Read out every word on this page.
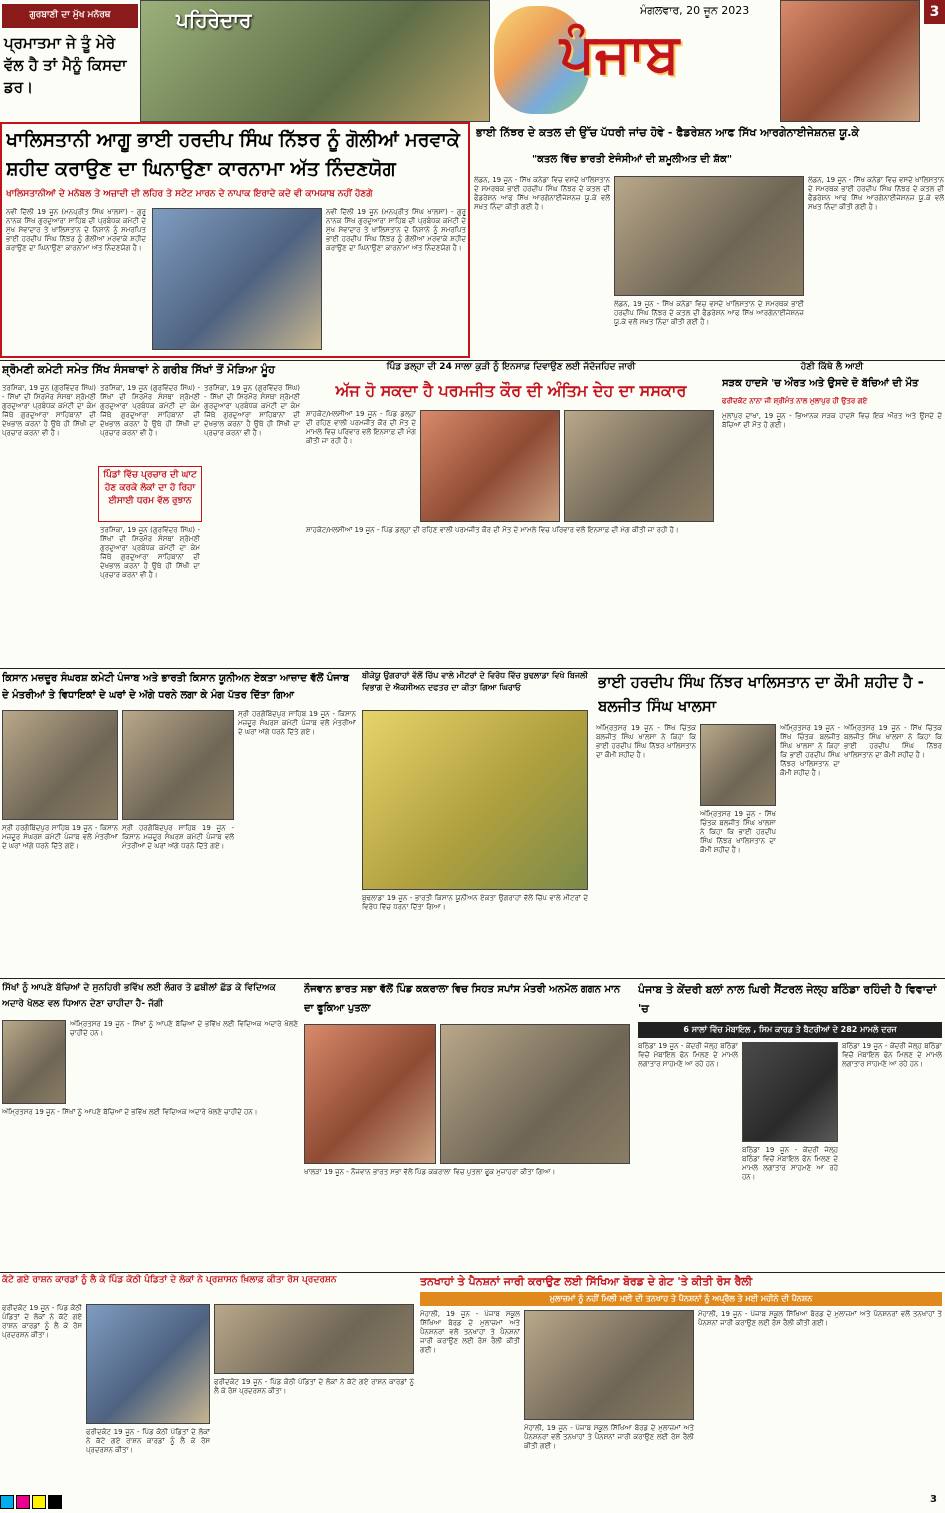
ਗੁਰਬਾਣੀ ਦਾ ਮੁੱਖ ਮਨੋਰਥ
ਪ੍ਰਮਾਤਮਾ ਜੇ ਤੂੰ ਮੇਰੇ ਵੱਲ ਹੈ ਤਾਂ ਮੈਨੂੰ ਕਿਸਦਾ ਡਰ।
ਪਹਿਰੇਦਾਰ
ਪੰਜਾਬ
ਮੰਗਲਵਾਰ, 20 ਜੂਨ 2023	3
ਖਾਲਿਸਤਾਨੀ ਆਗੂ ਭਾਈ ਹਰਦੀਪ ਸਿੰਘ ਨਿੱਝਰ ਨੂੰ ਗੋਲੀਆਂ ਮਰਵਾਕੇ ਸ਼ਹੀਦ ਕਰਾਉਣ ਦਾ ਘਿਨਾਉਣਾ ਕਾਰਨਾਮਾ ਅੱਤ ਨਿੰਦਣਯੋਗ
ਖਾਲਿਸਤਾਨੀਆਂ ਦੇ ਮਨੋਬਲ ਤੇ ਅਜ਼ਾਦੀ ਦੀ ਲਹਿਰ ਤੇ ਸਟੇਟ ਮਾਰਨ ਦੇ ਨਾਪਾਕ ਇਰਾਦੇ ਕਦੇ ਵੀ ਕਾਮਯਾਬ ਨਹੀਂ ਹੋਣਗੇ
ਨਵੀਂ ਦਿੱਲੀ 19 ਜੂਨ (ਮਨਪ੍ਰੀਤ ਸਿੰਘ ਖਾਲਸਾ) - ਗੁਰੂ ਨਾਨਕ ਸਿੱਖ ਗੁਰਦੁਆਰਾ ਸਾਹਿਬ ਦੀ ਪ੍ਰਬੰਧਕ ਕਮੇਟੀ ਦੇ ਮੁੱਖ ਸੇਵਾਦਾਰ ਤੇ ਖਾਲਿਸਤਾਨ ਦੇ ਨਿਸ਼ਾਨੇ ਨੂੰ ਸਮਰਪਿਤ ਭਾਈ ਹਰਦੀਪ ਸਿੰਘ ਨਿੱਝਰ ਨੂੰ ਗੋਲੀਆਂ ਮਰਵਾਕੇ ਸ਼ਹੀਦ ਕਰਾਉਣ ਦਾ ਘਿਨਾਉਣਾ ਕਾਰਨਾਮਾ ਅੱਤ ਨਿੰਦਣਯੋਗ ਹੈ।
ਨਵੀਂ ਦਿੱਲੀ 19 ਜੂਨ (ਮਨਪ੍ਰੀਤ ਸਿੰਘ ਖਾਲਸਾ) - ਗੁਰੂ ਨਾਨਕ ਸਿੱਖ ਗੁਰਦੁਆਰਾ ਸਾਹਿਬ ਦੀ ਪ੍ਰਬੰਧਕ ਕਮੇਟੀ ਦੇ ਮੁੱਖ ਸੇਵਾਦਾਰ ਤੇ ਖਾਲਿਸਤਾਨ ਦੇ ਨਿਸ਼ਾਨੇ ਨੂੰ ਸਮਰਪਿਤ ਭਾਈ ਹਰਦੀਪ ਸਿੰਘ ਨਿੱਝਰ ਨੂੰ ਗੋਲੀਆਂ ਮਰਵਾਕੇ ਸ਼ਹੀਦ ਕਰਾਉਣ ਦਾ ਘਿਨਾਉਣਾ ਕਾਰਨਾਮਾ ਅੱਤ ਨਿੰਦਣਯੋਗ ਹੈ।
ਭਾਈ ਨਿੱਝਰ ਦੇ ਕਤਲ ਦੀ ਉੱਚ ਪੱਧਰੀ ਜਾਂਚ ਹੋਵੇ - ਫੈਡਰੇਸ਼ਨ ਆਫ ਸਿੱਖ ਆਰਗੇਨਾਈਜੇਸ਼ਨਜ਼ ਯੂ.ਕੇ
"ਕਤਲ ਵਿੱਚ ਭਾਰਤੀ ਏਜੰਸੀਆਂ ਦੀ ਸ਼ਮੂਲੀਅਤ ਦੀ ਸ਼ੱਕ"
ਲੰਡਨ, 19 ਜੂਨ - ਸਿੱਖ ਕਨੇਡਾ ਵਿਚ ਵਸਦੇ ਖਾਲਿਸਤਾਨ ਦੇ ਸਮਰਥਕ ਭਾਈ ਹਰਦੀਪ ਸਿੰਘ ਨਿੱਝਰ ਦੇ ਕਤਲ ਦੀ ਫੈਡਰੇਸ਼ਨ ਆਫ ਸਿੱਖ ਆਰਗੇਨਾਈਜੇਸ਼ਨਜ਼ ਯੂ.ਕੇ ਵਲੋਂ ਸਖ਼ਤ ਨਿੰਦਾ ਕੀਤੀ ਗਈ ਹੈ।
ਲੰਡਨ, 19 ਜੂਨ - ਸਿੱਖ ਕਨੇਡਾ ਵਿਚ ਵਸਦੇ ਖਾਲਿਸਤਾਨ ਦੇ ਸਮਰਥਕ ਭਾਈ ਹਰਦੀਪ ਸਿੰਘ ਨਿੱਝਰ ਦੇ ਕਤਲ ਦੀ ਫੈਡਰੇਸ਼ਨ ਆਫ ਸਿੱਖ ਆਰਗੇਨਾਈਜੇਸ਼ਨਜ਼ ਯੂ.ਕੇ ਵਲੋਂ ਸਖ਼ਤ ਨਿੰਦਾ ਕੀਤੀ ਗਈ ਹੈ।
ਲੰਡਨ, 19 ਜੂਨ - ਸਿੱਖ ਕਨੇਡਾ ਵਿਚ ਵਸਦੇ ਖਾਲਿਸਤਾਨ ਦੇ ਸਮਰਥਕ ਭਾਈ ਹਰਦੀਪ ਸਿੰਘ ਨਿੱਝਰ ਦੇ ਕਤਲ ਦੀ ਫੈਡਰੇਸ਼ਨ ਆਫ ਸਿੱਖ ਆਰਗੇਨਾਈਜੇਸ਼ਨਜ਼ ਯੂ.ਕੇ ਵਲੋਂ ਸਖ਼ਤ ਨਿੰਦਾ ਕੀਤੀ ਗਈ ਹੈ।
ਸ਼੍ਰੋਮਣੀ ਕਮੇਟੀ ਸਮੇਤ ਸਿੱਖ ਸੰਸਥਾਵਾਂ ਨੇ ਗਰੀਬ ਸਿੱਖਾਂ ਤੋਂ ਮੋੜਿਆ ਮੂੰਹ
ਤਰਸਿਕਾ, 19 ਜੂਨ (ਗੁਰਵਿੰਦਰ ਸਿੰਘ) - ਸਿੱਖਾਂ ਦੀ ਸਿਰਮੌਰ ਸੰਸਥਾ ਸ਼੍ਰੋਮਣੀ ਗੁਰਦੁਆਰਾ ਪ੍ਰਬੰਧਕ ਕਮੇਟੀ ਦਾ ਕੰਮ ਜਿੱਥੇ ਗੁਰਦੁਆਰਾ ਸਾਹਿਬਾਨਾਂ ਦੀ ਦੇਖਭਾਲ ਕਰਨਾ ਹੈ ਉਥੇ ਹੀ ਸਿੱਖੀ ਦਾ ਪ੍ਰਚਾਰ ਕਰਨਾ ਵੀ ਹੈ।
ਤਰਸਿਕਾ, 19 ਜੂਨ (ਗੁਰਵਿੰਦਰ ਸਿੰਘ) - ਸਿੱਖਾਂ ਦੀ ਸਿਰਮੌਰ ਸੰਸਥਾ ਸ਼੍ਰੋਮਣੀ ਗੁਰਦੁਆਰਾ ਪ੍ਰਬੰਧਕ ਕਮੇਟੀ ਦਾ ਕੰਮ ਜਿੱਥੇ ਗੁਰਦੁਆਰਾ ਸਾਹਿਬਾਨਾਂ ਦੀ ਦੇਖਭਾਲ ਕਰਨਾ ਹੈ ਉਥੇ ਹੀ ਸਿੱਖੀ ਦਾ ਪ੍ਰਚਾਰ ਕਰਨਾ ਵੀ ਹੈ।
ਪਿੰਡਾਂ ਵਿੱਚ ਪ੍ਰਚਾਰ ਦੀ ਘਾਟ ਹੋਣ ਕਰਕੇ ਲੋਕਾਂ ਦਾ ਹੋ ਰਿਹਾ ਈਸਾਈ ਧਰਮ ਵੱਲ ਰੁਝਾਨ
ਤਰਸਿਕਾ, 19 ਜੂਨ (ਗੁਰਵਿੰਦਰ ਸਿੰਘ) - ਸਿੱਖਾਂ ਦੀ ਸਿਰਮੌਰ ਸੰਸਥਾ ਸ਼੍ਰੋਮਣੀ ਗੁਰਦੁਆਰਾ ਪ੍ਰਬੰਧਕ ਕਮੇਟੀ ਦਾ ਕੰਮ ਜਿੱਥੇ ਗੁਰਦੁਆਰਾ ਸਾਹਿਬਾਨਾਂ ਦੀ ਦੇਖਭਾਲ ਕਰਨਾ ਹੈ ਉਥੇ ਹੀ ਸਿੱਖੀ ਦਾ ਪ੍ਰਚਾਰ ਕਰਨਾ ਵੀ ਹੈ।
ਤਰਸਿਕਾ, 19 ਜੂਨ (ਗੁਰਵਿੰਦਰ ਸਿੰਘ) - ਸਿੱਖਾਂ ਦੀ ਸਿਰਮੌਰ ਸੰਸਥਾ ਸ਼੍ਰੋਮਣੀ ਗੁਰਦੁਆਰਾ ਪ੍ਰਬੰਧਕ ਕਮੇਟੀ ਦਾ ਕੰਮ ਜਿੱਥੇ ਗੁਰਦੁਆਰਾ ਸਾਹਿਬਾਨਾਂ ਦੀ ਦੇਖਭਾਲ ਕਰਨਾ ਹੈ ਉਥੇ ਹੀ ਸਿੱਖੀ ਦਾ ਪ੍ਰਚਾਰ ਕਰਨਾ ਵੀ ਹੈ।
ਪਿੰਡ ਡਲ੍ਹਾ ਦੀ 24 ਸਾਲਾ ਕੁੜੀ ਨੂੰ ਇਨਸਾਫ਼ ਦਿਵਾਉਣ ਲਈ ਜੱਦੋਜਹਿਦ ਜਾਰੀ
ਅੱਜ ਹੋ ਸਕਦਾ ਹੈ ਪਰਮਜੀਤ ਕੌਰ ਦੀ ਅੰਤਿਮ ਦੇਹ ਦਾ ਸਸਕਾਰ
ਸ਼ਾਹਕੋਟ/ਮਲਸੀਆਂ 19 ਜੂਨ - ਪਿੰਡ ਡਲ੍ਹਾ ਦੀ ਰਹਿਣ ਵਾਲੀ ਪਰਮਜੀਤ ਕੌਰ ਦੀ ਮੌਤ ਦੇ ਮਾਮਲੇ ਵਿਚ ਪਰਿਵਾਰ ਵਲੋਂ ਇਨਸਾਫ਼ ਦੀ ਮੰਗ ਕੀਤੀ ਜਾ ਰਹੀ ਹੈ।
ਸ਼ਾਹਕੋਟ/ਮਲਸੀਆਂ 19 ਜੂਨ - ਪਿੰਡ ਡਲ੍ਹਾ ਦੀ ਰਹਿਣ ਵਾਲੀ ਪਰਮਜੀਤ ਕੌਰ ਦੀ ਮੌਤ ਦੇ ਮਾਮਲੇ ਵਿਚ ਪਰਿਵਾਰ ਵਲੋਂ ਇਨਸਾਫ਼ ਦੀ ਮੰਗ ਕੀਤੀ ਜਾ ਰਹੀ ਹੈ।
ਹੋਣੀ ਕਿੱਥੇ ਲੈ ਆਈ
ਸੜਕ ਹਾਦਸੇ 'ਚ ਔਰਤ ਅਤੇ ਉਸਦੇ ਦੋ ਬੱਚਿਆਂ ਦੀ ਮੌਤ
ਫਰੀਦਕੋਟ ਨਾਨਾ ਜੀ ਸ਼੍ਰੀਮੰਤ ਨਾਲ ਮੁਲਾਪੁਰ ਹੀ ਉਤਰ ਗਏ
ਮੁਲਾਂਪੁਰ ਦਾਖਾ, 19 ਜੂਨ - ਭਿਆਨਕ ਸੜਕ ਹਾਦਸੇ ਵਿਚ ਇਕ ਔਰਤ ਅਤੇ ਉਸਦੇ ਦੋ ਬੱਚਿਆਂ ਦੀ ਮੌਤ ਹੋ ਗਈ।
ਕਿਸਾਨ ਮਜ਼ਦੂਰ ਸੰਘਰਸ਼ ਕਮੇਟੀ ਪੰਜਾਬ ਅਤੇ ਭਾਰਤੀ ਕਿਸਾਨ ਯੂਨੀਅਨ ਏਕਤਾ ਆਜ਼ਾਦ ਵੱਲੋਂ ਪੰਜਾਬ ਦੇ ਮੰਤਰੀਆਂ ਤੇ ਵਿਧਾਇਕਾਂ ਦੇ ਘਰਾਂ ਦੇ ਅੱਗੇ ਧਰਨੇ ਲਗਾ ਕੇ ਮੰਗ ਪੱਤਰ ਦਿੱਤਾ ਗਿਆ
ਸ੍ਰੀ ਹਰਗੋਬਿੰਦਪੁਰ ਸਾਹਿਬ 19 ਜੂਨ - ਕਿਸਾਨ ਮਜ਼ਦੂਰ ਸੰਘਰਸ਼ ਕਮੇਟੀ ਪੰਜਾਬ ਵਲੋਂ ਮੰਤਰੀਆਂ ਦੇ ਘਰਾਂ ਅੱਗੇ ਧਰਨੇ ਦਿੱਤੇ ਗਏ।
ਸ੍ਰੀ ਹਰਗੋਬਿੰਦਪੁਰ ਸਾਹਿਬ 19 ਜੂਨ - ਕਿਸਾਨ ਮਜ਼ਦੂਰ ਸੰਘਰਸ਼ ਕਮੇਟੀ ਪੰਜਾਬ ਵਲੋਂ ਮੰਤਰੀਆਂ ਦੇ ਘਰਾਂ ਅੱਗੇ ਧਰਨੇ ਦਿੱਤੇ ਗਏ।
ਸ੍ਰੀ ਹਰਗੋਬਿੰਦਪੁਰ ਸਾਹਿਬ 19 ਜੂਨ - ਕਿਸਾਨ ਮਜ਼ਦੂਰ ਸੰਘਰਸ਼ ਕਮੇਟੀ ਪੰਜਾਬ ਵਲੋਂ ਮੰਤਰੀਆਂ ਦੇ ਘਰਾਂ ਅੱਗੇ ਧਰਨੇ ਦਿੱਤੇ ਗਏ।
ਬੀਕੇਯੂ ਉਗਰਾਹਾਂ ਵੱਲੋਂ ਚਿੱਪ ਵਾਲੇ ਮੀਟਰਾਂ ਦੇ ਵਿਰੋਧ ਵਿੱਚ ਬੁਢਲਾਡਾ ਵਿਖੇ ਬਿਜਲੀ ਵਿਭਾਗ ਦੇ ਐਕਸੀਅਨ ਦਫਤਰ ਦਾ ਕੀਤਾ ਗਿਆ ਘਿਰਾਓ
ਬੁਢਲਾਡਾ 19 ਜੂਨ - ਭਾਰਤੀ ਕਿਸਾਨ ਯੂਨੀਅਨ ਏਕਤਾ ਉਗਰਾਹਾਂ ਵੱਲੋਂ ਚਿੱਪ ਵਾਲੇ ਮੀਟਰਾਂ ਦੇ ਵਿਰੋਧ ਵਿੱਚ ਧਰਨਾ ਦਿੱਤਾ ਗਿਆ।
ਭਾਈ ਹਰਦੀਪ ਸਿੰਘ ਨਿੱਝਰ ਖਾਲਿਸਤਾਨ ਦਾ ਕੌਮੀ ਸ਼ਹੀਦ ਹੈ - ਬਲਜੀਤ ਸਿੰਘ ਖਾਲਸਾ
ਅੰਮ੍ਰਿਤਸਰ 19 ਜੂਨ - ਸਿੱਖ ਚਿੰਤਕ ਬਲਜੀਤ ਸਿੰਘ ਖਾਲਸਾ ਨੇ ਕਿਹਾ ਕਿ ਭਾਈ ਹਰਦੀਪ ਸਿੰਘ ਨਿੱਝਰ ਖਾਲਿਸਤਾਨ ਦਾ ਕੌਮੀ ਸ਼ਹੀਦ ਹੈ।
ਅੰਮ੍ਰਿਤਸਰ 19 ਜੂਨ - ਸਿੱਖ ਚਿੰਤਕ ਬਲਜੀਤ ਸਿੰਘ ਖਾਲਸਾ ਨੇ ਕਿਹਾ ਕਿ ਭਾਈ ਹਰਦੀਪ ਸਿੰਘ ਨਿੱਝਰ ਖਾਲਿਸਤਾਨ ਦਾ ਕੌਮੀ ਸ਼ਹੀਦ ਹੈ।
ਅੰਮ੍ਰਿਤਸਰ 19 ਜੂਨ - ਸਿੱਖ ਚਿੰਤਕ ਬਲਜੀਤ ਸਿੰਘ ਖਾਲਸਾ ਨੇ ਕਿਹਾ ਕਿ ਭਾਈ ਹਰਦੀਪ ਸਿੰਘ ਨਿੱਝਰ ਖਾਲਿਸਤਾਨ ਦਾ ਕੌਮੀ ਸ਼ਹੀਦ ਹੈ।
ਅੰਮ੍ਰਿਤਸਰ 19 ਜੂਨ - ਸਿੱਖ ਚਿੰਤਕ ਬਲਜੀਤ ਸਿੰਘ ਖਾਲਸਾ ਨੇ ਕਿਹਾ ਕਿ ਭਾਈ ਹਰਦੀਪ ਸਿੰਘ ਨਿੱਝਰ ਖਾਲਿਸਤਾਨ ਦਾ ਕੌਮੀ ਸ਼ਹੀਦ ਹੈ।
ਸਿੱਖਾਂ ਨੂੰ ਆਪਣੇ ਬੱਚਿਆਂ ਦੇ ਸੁਨਹਿਰੀ ਭਵਿੱਖ ਲਈ ਲੰਗਰ ਤੇ ਛਬੀਲਾਂ ਛੱਡ ਕੇ ਵਿਦਿਅਕ ਅਦਾਰੇ ਖੋਲਣ ਵਲ ਧਿਆਨ ਦੇਣਾ ਚਾਹੀਦਾ ਹੈ- ਜੱਗੀ
ਅੰਮ੍ਰਿਤਸਰ 19 ਜੂਨ - ਸਿੱਖਾਂ ਨੂੰ ਆਪਣੇ ਬੱਚਿਆਂ ਦੇ ਭਵਿੱਖ ਲਈ ਵਿਦਿਅਕ ਅਦਾਰੇ ਖੋਲਣੇ ਚਾਹੀਦੇ ਹਨ।
ਅੰਮ੍ਰਿਤਸਰ 19 ਜੂਨ - ਸਿੱਖਾਂ ਨੂੰ ਆਪਣੇ ਬੱਚਿਆਂ ਦੇ ਭਵਿੱਖ ਲਈ ਵਿਦਿਅਕ ਅਦਾਰੇ ਖੋਲਣੇ ਚਾਹੀਦੇ ਹਨ।
ਨੌਜਵਾਨ ਭਾਰਤ ਸਭਾ ਵੱਲੋਂ ਪਿੰਡ ਕਕਰਾਲਾ ਵਿਚ ਸਿਹਤ ਸਪਾਂਸ ਮੰਤਰੀ ਅਨਮੋਲ ਗਗਨ ਮਾਨ ਦਾ ਫੂਕਿਆ ਪੁਤਲਾ
ਖਾਲੜਾ 19 ਜੂਨ - ਨੌਜਵਾਨ ਭਾਰਤ ਸਭਾ ਵੱਲੋਂ ਪਿੰਡ ਕਕਰਾਲਾ ਵਿਚ ਪੁਤਲਾ ਫੂਕ ਮੁਜ਼ਾਹਰਾ ਕੀਤਾ ਗਿਆ।
ਪੰਜਾਬ ਤੇ ਕੇਂਦਰੀ ਬਲਾਂ ਨਾਲ ਘਿਰੀ ਸੈਂਟਰਲ ਜੇਲ੍ਹ ਬਠਿੰਡਾ ਰਹਿੰਦੀ ਹੈ ਵਿਵਾਦਾਂ 'ਚ
6 ਸਾਲਾਂ ਵਿੱਚ ਮੋਬਾਇਲ , ਸਿਮ ਕਾਰਡ ਤੇ ਬੈਟਰੀਆਂ ਦੇ 282 ਮਾਮਲੇ ਦਰਜ
ਬਠਿੰਡਾ 19 ਜੂਨ - ਕੇਂਦਰੀ ਜੇਲ੍ਹ ਬਠਿੰਡਾ ਵਿਚੋਂ ਮੋਬਾਇਲ ਫੋਨ ਮਿਲਣ ਦੇ ਮਾਮਲੇ ਲਗਾਤਾਰ ਸਾਹਮਣੇ ਆ ਰਹੇ ਹਨ।
ਬਠਿੰਡਾ 19 ਜੂਨ - ਕੇਂਦਰੀ ਜੇਲ੍ਹ ਬਠਿੰਡਾ ਵਿਚੋਂ ਮੋਬਾਇਲ ਫੋਨ ਮਿਲਣ ਦੇ ਮਾਮਲੇ ਲਗਾਤਾਰ ਸਾਹਮਣੇ ਆ ਰਹੇ ਹਨ।
ਬਠਿੰਡਾ 19 ਜੂਨ - ਕੇਂਦਰੀ ਜੇਲ੍ਹ ਬਠਿੰਡਾ ਵਿਚੋਂ ਮੋਬਾਇਲ ਫੋਨ ਮਿਲਣ ਦੇ ਮਾਮਲੇ ਲਗਾਤਾਰ ਸਾਹਮਣੇ ਆ ਰਹੇ ਹਨ।
ਕੱਟੇ ਗਏ ਰਾਸ਼ਨ ਕਾਰਡਾਂ ਨੂੰ ਲੈ ਕੇ ਪਿੰਡ ਕੋਠੀ ਪੰਡਿਤਾਂ ਦੇ ਲੋਕਾਂ ਨੇ ਪ੍ਰਸ਼ਾਸਨ ਖ਼ਿਲਾਫ਼ ਕੀਤਾ ਰੋਸ ਪ੍ਰਦਰਸ਼ਨ
ਫਰੀਦਕੋਟ 19 ਜੂਨ - ਪਿੰਡ ਕੋਠੀ ਪੰਡਿਤਾਂ ਦੇ ਲੋਕਾਂ ਨੇ ਕੱਟੇ ਗਏ ਰਾਸ਼ਨ ਕਾਰਡਾਂ ਨੂੰ ਲੈ ਕੇ ਰੋਸ ਪ੍ਰਦਰਸ਼ਨ ਕੀਤਾ।
ਫਰੀਦਕੋਟ 19 ਜੂਨ - ਪਿੰਡ ਕੋਠੀ ਪੰਡਿਤਾਂ ਦੇ ਲੋਕਾਂ ਨੇ ਕੱਟੇ ਗਏ ਰਾਸ਼ਨ ਕਾਰਡਾਂ ਨੂੰ ਲੈ ਕੇ ਰੋਸ ਪ੍ਰਦਰਸ਼ਨ ਕੀਤਾ।
ਫਰੀਦਕੋਟ 19 ਜੂਨ - ਪਿੰਡ ਕੋਠੀ ਪੰਡਿਤਾਂ ਦੇ ਲੋਕਾਂ ਨੇ ਕੱਟੇ ਗਏ ਰਾਸ਼ਨ ਕਾਰਡਾਂ ਨੂੰ ਲੈ ਕੇ ਰੋਸ ਪ੍ਰਦਰਸ਼ਨ ਕੀਤਾ।
ਤਨਖਾਹਾਂ ਤੇ ਪੈਨਸ਼ਨਾਂ ਜਾਰੀ ਕਰਾਉਣ ਲਈ ਸਿੱਖਿਆ ਬੋਰਡ ਦੇ ਗੇਟ 'ਤੇ ਕੀਤੀ ਰੋਸ ਰੈਲੀ
ਮੁਲਾਜ਼ਮਾਂ ਨੂੰ ਨਹੀਂ ਮਿਲੀ ਮਈ ਦੀ ਤਨਖਾਹ ਤੇ ਪੈਨਸ਼ਨਾਂ ਨੂੰ ਅਪ੍ਰੈਲ ਤੇ ਮਈ ਮਹੀਨੇ ਦੀ ਪੈਨਸ਼ਨ
ਮੋਹਾਲੀ, 19 ਜੂਨ - ਪੰਜਾਬ ਸਕੂਲ ਸਿੱਖਿਆ ਬੋਰਡ ਦੇ ਮੁਲਾਜ਼ਮਾਂ ਅਤੇ ਪੈਨਸ਼ਨਰਾਂ ਵਲੋਂ ਤਨਖਾਹਾਂ ਤੇ ਪੈਨਸ਼ਨਾਂ ਜਾਰੀ ਕਰਾਉਣ ਲਈ ਰੋਸ ਰੈਲੀ ਕੀਤੀ ਗਈ।
ਮੋਹਾਲੀ, 19 ਜੂਨ - ਪੰਜਾਬ ਸਕੂਲ ਸਿੱਖਿਆ ਬੋਰਡ ਦੇ ਮੁਲਾਜ਼ਮਾਂ ਅਤੇ ਪੈਨਸ਼ਨਰਾਂ ਵਲੋਂ ਤਨਖਾਹਾਂ ਤੇ ਪੈਨਸ਼ਨਾਂ ਜਾਰੀ ਕਰਾਉਣ ਲਈ ਰੋਸ ਰੈਲੀ ਕੀਤੀ ਗਈ।
ਮੋਹਾਲੀ, 19 ਜੂਨ - ਪੰਜਾਬ ਸਕੂਲ ਸਿੱਖਿਆ ਬੋਰਡ ਦੇ ਮੁਲਾਜ਼ਮਾਂ ਅਤੇ ਪੈਨਸ਼ਨਰਾਂ ਵਲੋਂ ਤਨਖਾਹਾਂ ਤੇ ਪੈਨਸ਼ਨਾਂ ਜਾਰੀ ਕਰਾਉਣ ਲਈ ਰੋਸ ਰੈਲੀ ਕੀਤੀ ਗਈ।
3
